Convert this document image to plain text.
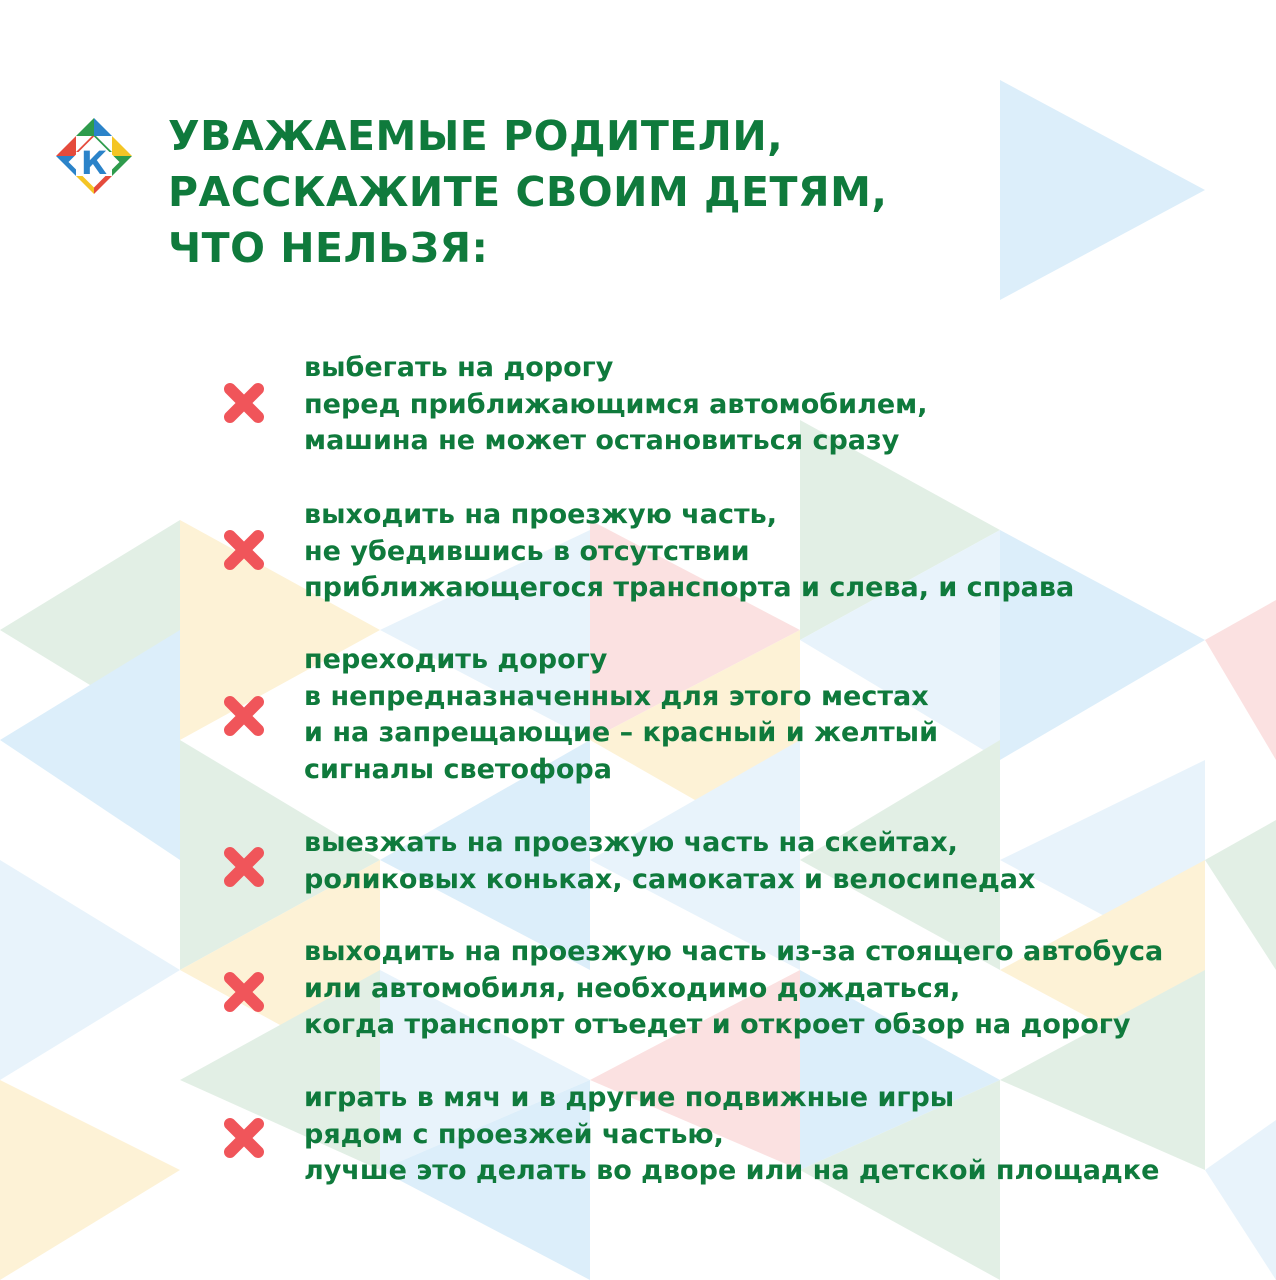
К
УВАЖАЕМЫЕ РОДИТЕЛИ,
РАССКАЖИТЕ СВОИМ ДЕТЯМ,
ЧТО НЕЛЬЗЯ:
выбегать на дорогу
перед приближающимся автомобилем,
машина не может остановиться сразу
выходить на проезжую часть,
не убедившись в отсутствии
приближающегося транспорта и слева, и справа
переходить дорогу
в непредназначенных для этого местах
и на запрещающие – красный и желтый
сигналы светофора
выезжать на проезжую часть на скейтах,
роликовых коньках, самокатах и велосипедах
выходить на проезжую часть из-за стоящего автобуса
или автомобиля, необходимо дождаться,
когда транспорт отъедет и откроет обзор на дорогу
играть в мяч и в другие подвижные игры
рядом с проезжей частью,
лучше это делать во дворе или на детской площадке
